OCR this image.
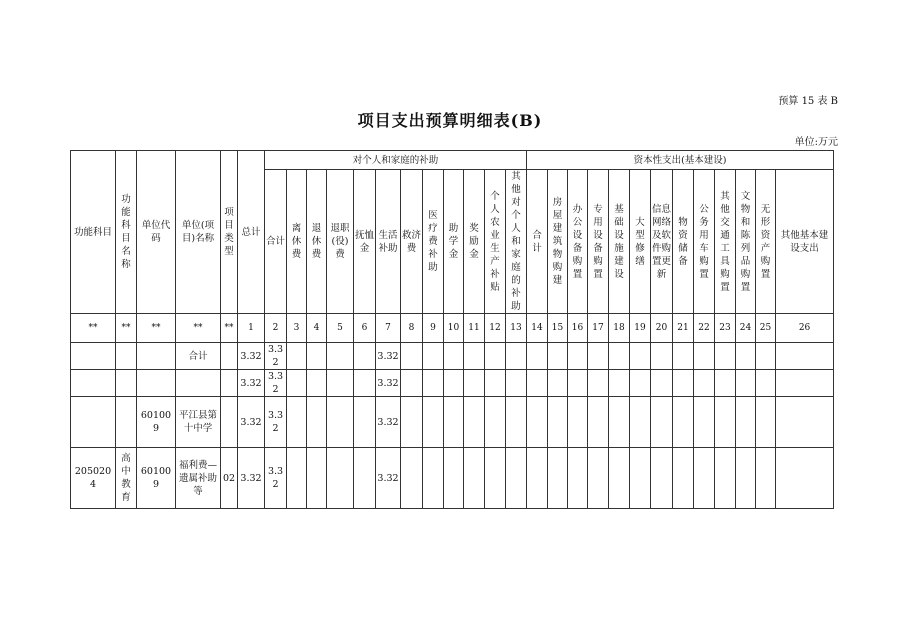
预算 15 表 B
项目支出预算明细表(B)
单位:万元
功能科目	功能科目名称	单位代码	单位(项目)名称	项目类型	总计	对个人和家庭的补助												资本性支出(基本建设)												
						合计	离休费	退休费	退职(役)费	抚恤金	生活补助	救济费	医疗费补助	助学金	奖励金	个人农业生产补贴	其他对个人和家庭的补助	合计	房屋建筑物购建	办公设备购置	专用设备购置	基础设施建设	大型修缮	信息网络及软件购置更新	物资储备	公务用车购置	其他交通工具购置	文物和陈列品购置	无形资产购置	其他基本建设支出
**	**	**	**	**	1	2	3	4	5	6	7	8	9	10	11	12	13	14	15	16	17	18	19	20	21	22	23	24	25	26
			合计		3.32	3.32					3.32																			
					3.32	3.32					3.32																			
		601009	平江县第十中学		3.32	3.32					3.32																			
2050204	高中教育	601009	福利费—遗属补助等	02	3.32	3.32					3.32																			
